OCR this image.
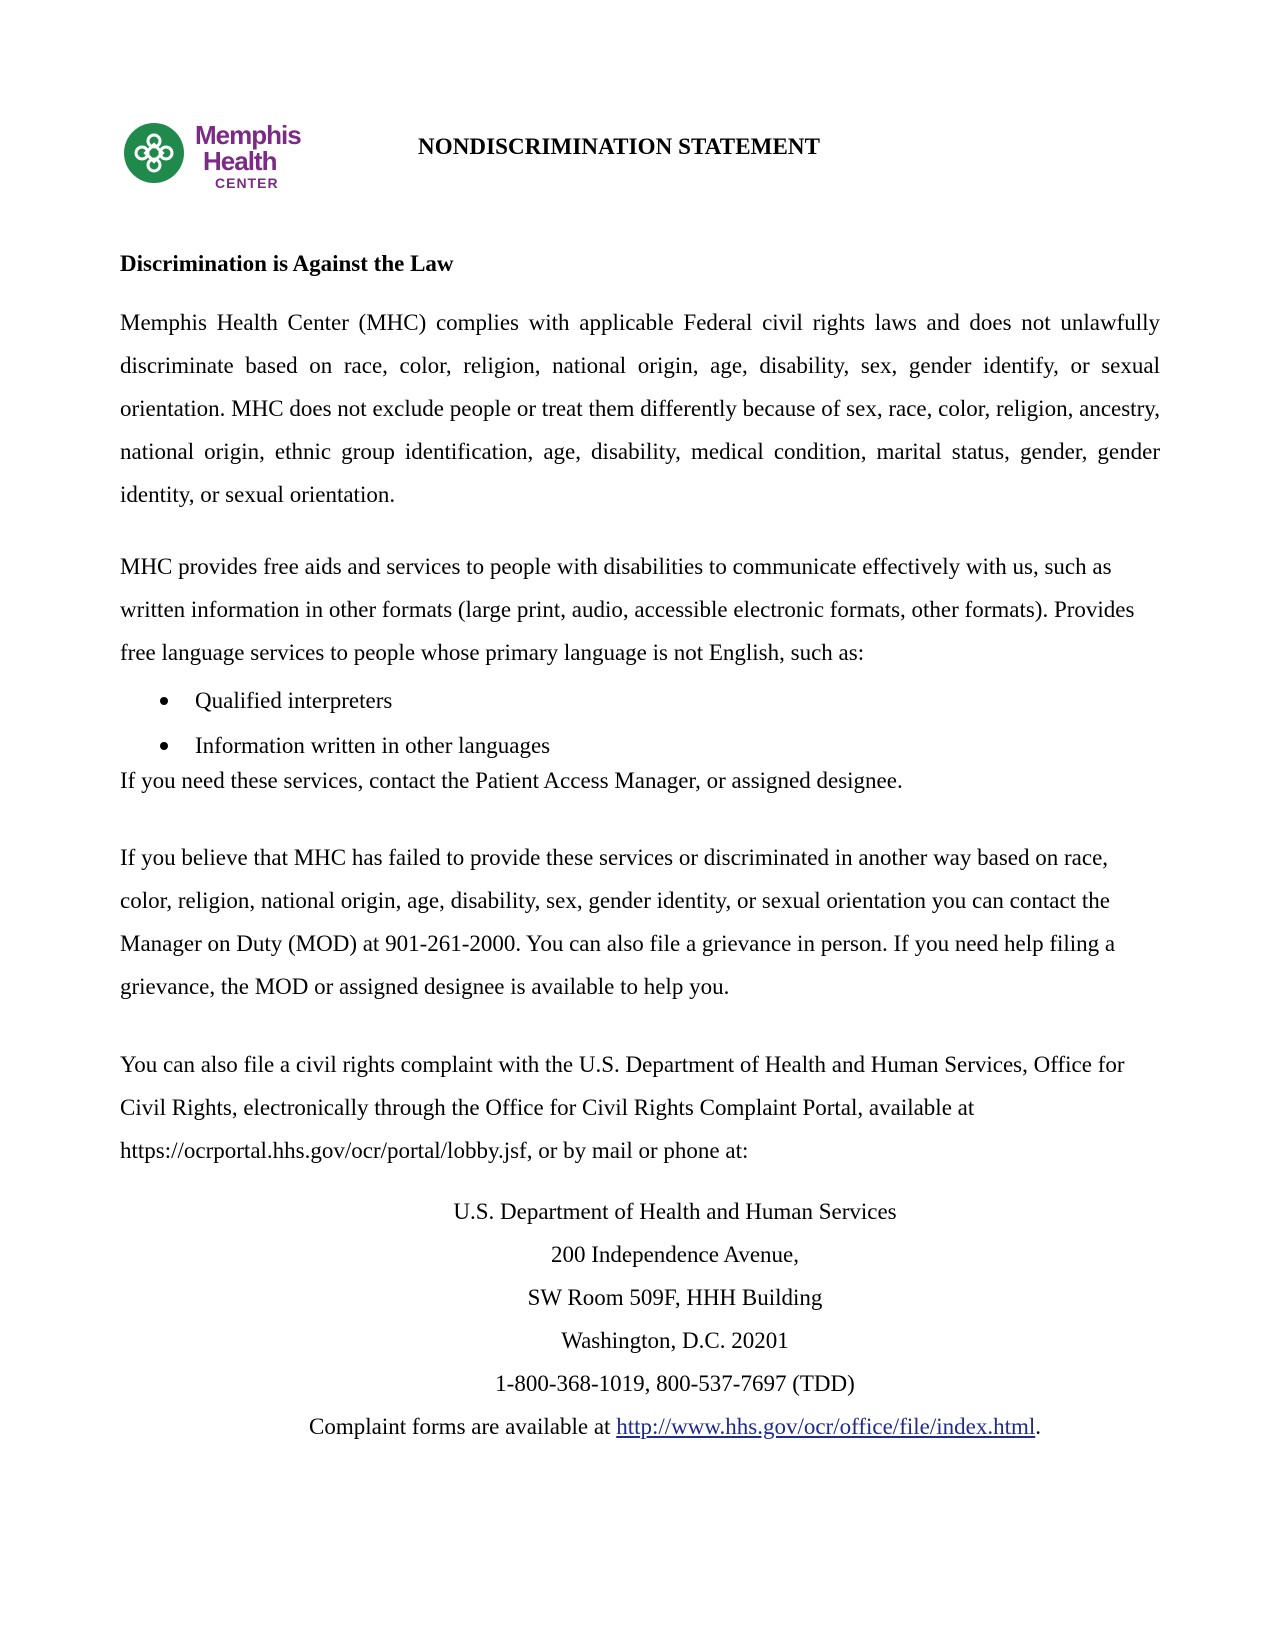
Memphis
Health
CENTER
NONDISCRIMINATION STATEMENT
Discrimination is Against the Law

Memphis Health Center (MHC) complies with applicable Federal civil rights laws and does not unlawfully discriminate based on race, color, religion, national origin, age, disability, sex, gender identify, or sexual orientation. MHC does not exclude people or treat them differently because of sex, race, color, religion, ancestry, national origin, ethnic group identification, age, disability, medical condition, marital status, gender, gender identity, or sexual orientation.

MHC provides free aids and services to people with disabilities to communicate effectively with us, such as written information in other formats (large print, audio, accessible electronic formats, other formats). Provides free language services to people whose primary language is not English, such as:

Qualified interpreters
Information written in other languages
If you need these services, contact the Patient Access Manager, or assigned designee.

If you believe that MHC has failed to provide these services or discriminated in another way based on race, color, religion, national origin, age, disability, sex, gender identity, or sexual orientation you can contact the Manager on Duty (MOD) at 901-261-2000. You can also file a grievance in person. If you need help filing a grievance, the MOD or assigned designee is available to help you.

You can also file a civil rights complaint with the U.S. Department of Health and Human Services, Office for Civil Rights, electronically through the Office for Civil Rights Complaint Portal, available at https://ocrportal.hhs.gov/ocr/portal/lobby.jsf, or by mail or phone at:

U.S. Department of Health and Human Services
200 Independence Avenue,
SW Room 509F, HHH Building
Washington, D.C. 20201
1-800-368-1019, 800-537-7697 (TDD)
Complaint forms are available at http://www.hhs.gov/ocr/office/file/index.html.
